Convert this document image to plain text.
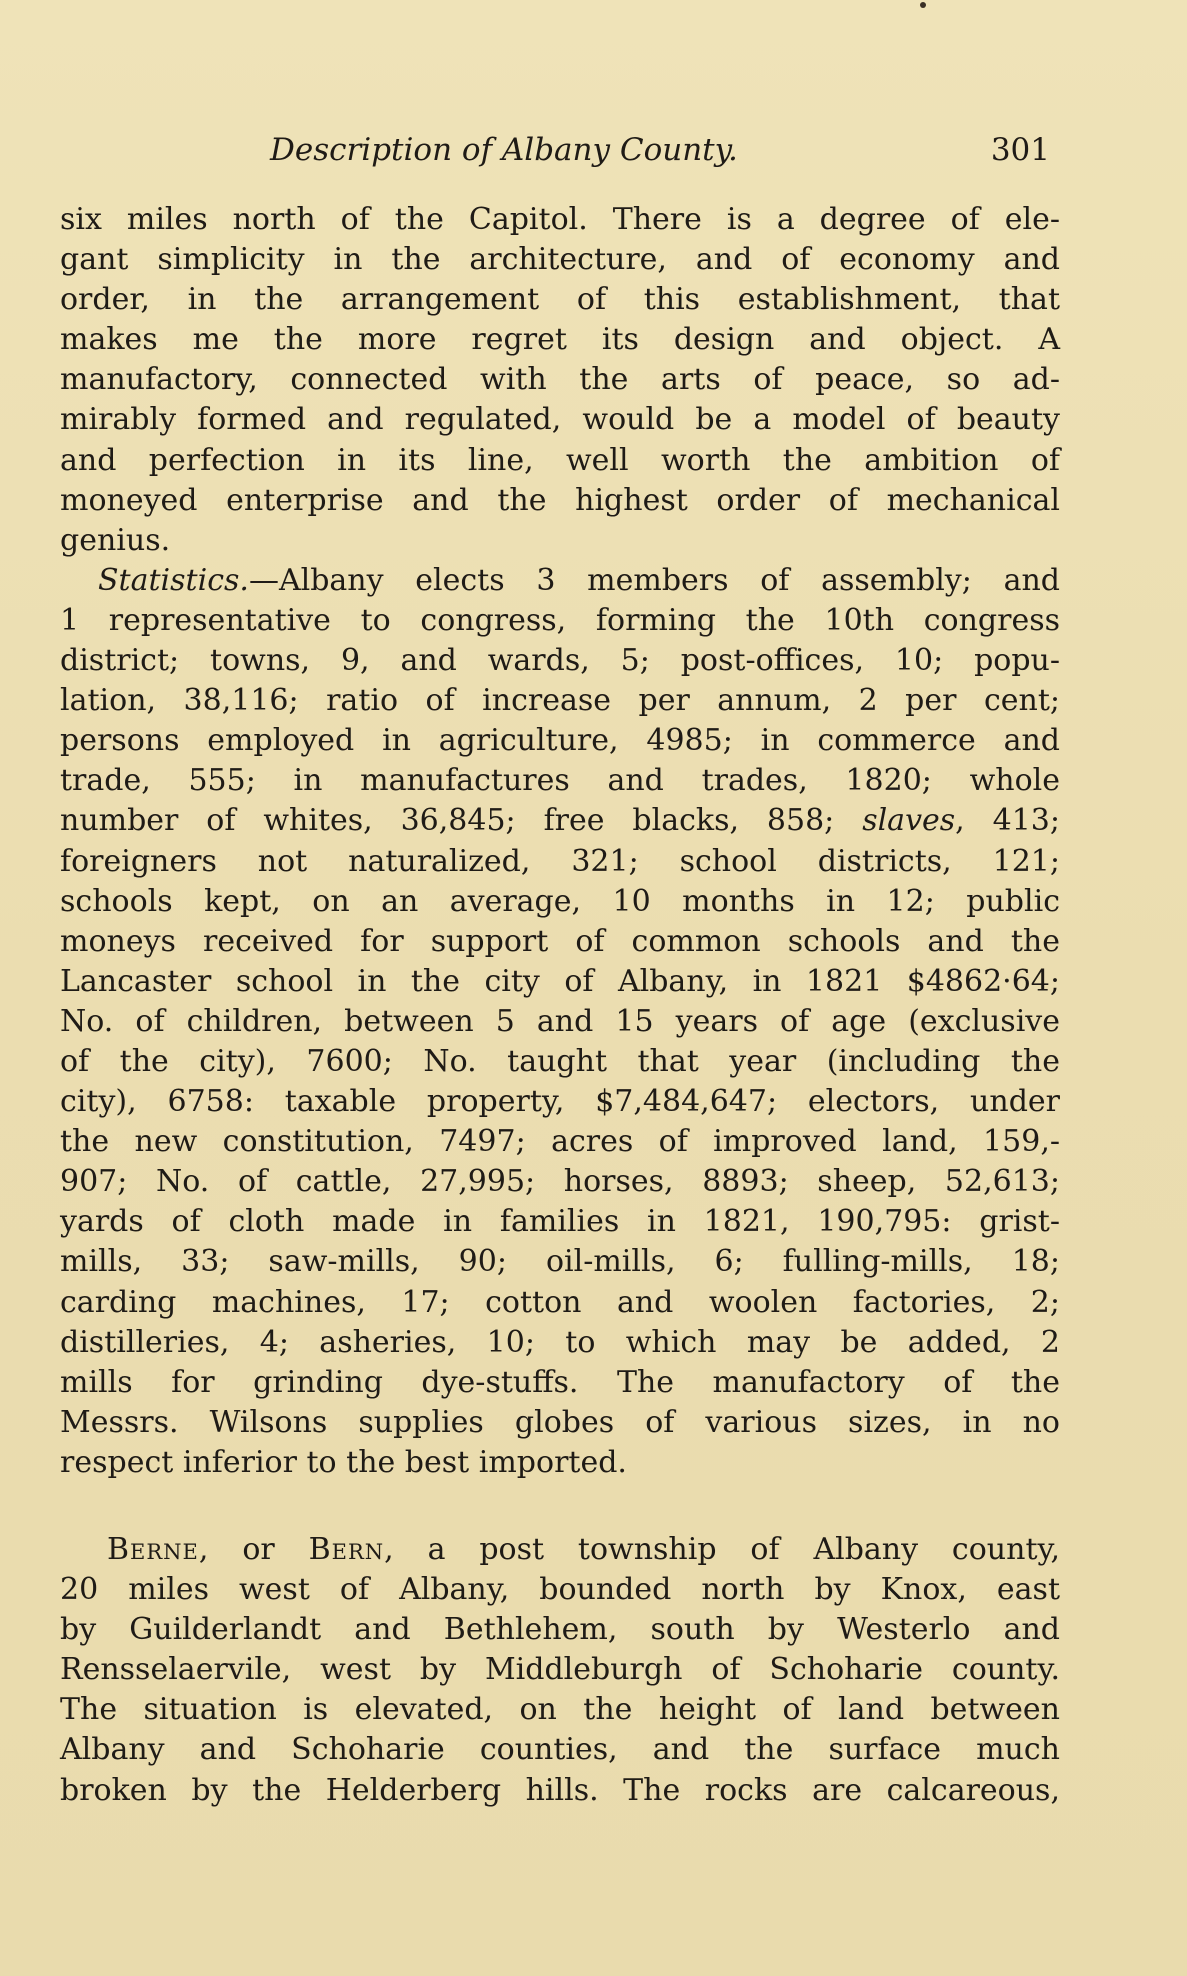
Description of Albany County.	301
six miles north of the Capitol. There is a degree of ele-
gant simplicity in the architecture, and of economy and
order, in the arrangement of this establishment, that
makes me the more regret its design and object. A
manufactory, connected with the arts of peace, so ad-
mirably formed and regulated, would be a model of beauty
and perfection in its line, well worth the ambition of
moneyed enterprise and the highest order of mechanical
genius.
Statistics.—Albany elects 3 members of assembly; and
1 representative to congress, forming the 10th congress
district; towns, 9, and wards, 5; post-offices, 10; popu-
lation, 38,116; ratio of increase per annum, 2 per cent;
persons employed in agriculture, 4985; in commerce and
trade, 555; in manufactures and trades, 1820; whole
number of whites, 36,845; free blacks, 858; slaves, 413;
foreigners not naturalized, 321; school districts, 121;
schools kept, on an average, 10 months in 12; public
moneys received for support of common schools and the
Lancaster school in the city of Albany, in 1821 $4862·64;
No. of children, between 5 and 15 years of age (exclusive
of the city), 7600; No. taught that year (including the
city), 6758: taxable property, $7,484,647; electors, under
the new constitution, 7497; acres of improved land, 159,-
907; No. of cattle, 27,995; horses, 8893; sheep, 52,613;
yards of cloth made in families in 1821, 190,795: grist-
mills, 33; saw-mills, 90; oil-mills, 6; fulling-mills, 18;
carding machines, 17; cotton and woolen factories, 2;
distilleries, 4; asheries, 10; to which may be added, 2
mills for grinding dye-stuffs. The manufactory of the
Messrs. Wilsons supplies globes of various sizes, in no
respect inferior to the best imported.
Berne, or Bern, a post township of Albany county,
20 miles west of Albany, bounded north by Knox, east
by Guilderlandt and Bethlehem, south by Westerlo and
Rensselaervile, west by Middleburgh of Schoharie county.
The situation is elevated, on the height of land between
Albany and Schoharie counties, and the surface much
broken by the Helderberg hills. The rocks are calcareous,
